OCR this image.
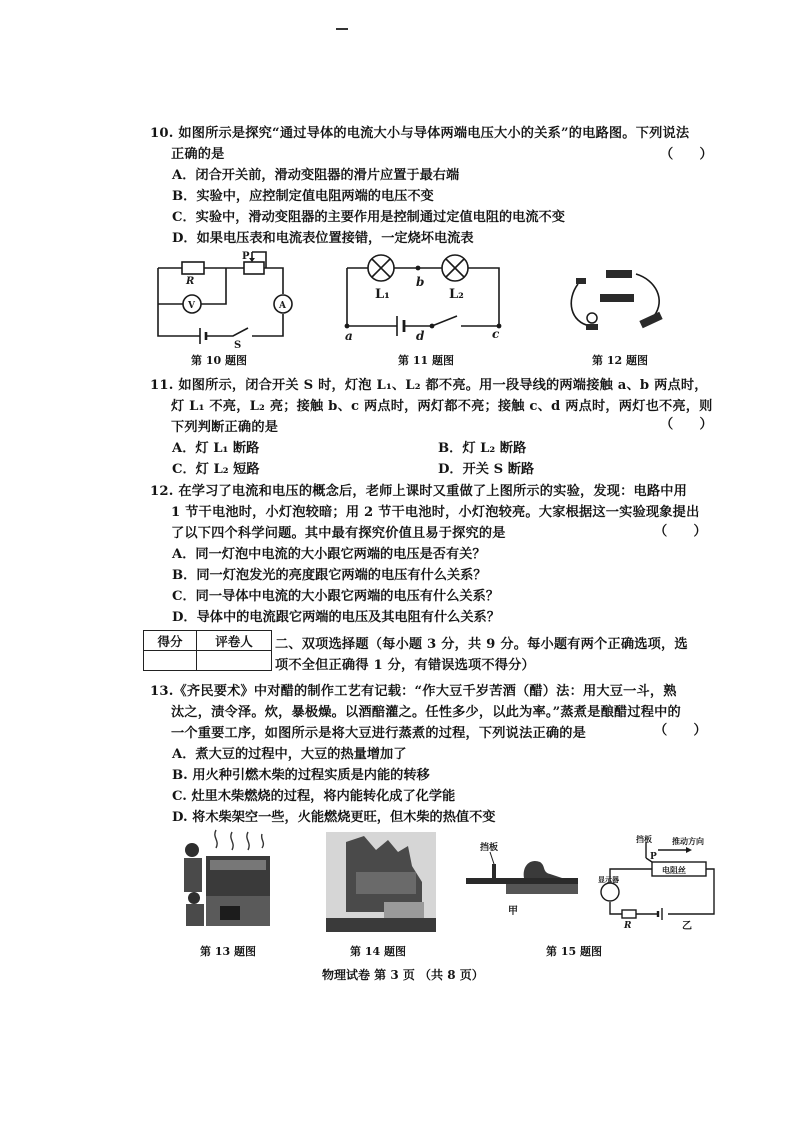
10. 如图所示是探究“通过导体的电流大小与导体两端电压大小的关系”的电路图。下列说法
正确的是	（　　）
A．闭合开关前，滑动变阻器的滑片应置于最右端
B．实验中，应控制定值电阻两端的电压不变
C．实验中，滑动变阻器的主要作用是控制通过定值电阻的电流不变
D．如果电压表和电流表位置接错，一定烧坏电流表
R
P
V	A
S
第 10 题图
L₁	L₂
a
b
c
d
第 11 题图	第 12 题图
11. 如图所示，闭合开关 S 时，灯泡 L₁、L₂ 都不亮。用一段导线的两端接触 a、b 两点时，
灯 L₁ 不亮，L₂ 亮；接触 b、c 两点时，两灯都不亮；接触 c、d 两点时，两灯也不亮，则
下列判断正确的是	（　　）
A．灯 L₁ 断路	B．灯 L₂ 断路
C．灯 L₂ 短路	D．开关 S 断路
12. 在学习了电流和电压的概念后，老师上课时又重做了上图所示的实验，发现：电路中用
1 节干电池时，小灯泡较暗；用 2 节干电池时，小灯泡较亮。大家根据这一实验现象提出
了以下四个科学问题。其中最有探究价值且易于探究的是	（　　）
A．同一灯泡中电流的大小跟它两端的电压是否有关？
B．同一灯泡发光的亮度跟它两端的电压有什么关系？
C．同一导体中电流的大小跟它两端的电压有什么关系？
D．导体中的电流跟它两端的电压及其电阻有什么关系？
得分	评卷人
	二、双项选择题（每小题 3 分，共 9 分。每小题有两个正确选项，选
项不全但正确得 1 分，有错误选项不得分）
13.《齐民要术》中对醋的制作工艺有记载：“作大豆千岁苦酒（醋）法：用大豆一斗，熟
汰之，渍令泽。炊，暴极燥。以酒醅灌之。任性多少，以此为率。”蒸煮是酿醋过程中的
一个重要工序，如图所示是将大豆进行蒸煮的过程，下列说法正确的是	（　　）
A．煮大豆的过程中，大豆的热量增加了
B. 用火种引燃木柴的过程实质是内能的转移
C. 灶里木柴燃烧的过程，将内能转化成了化学能
D. 将木柴架空一些，火能燃烧更旺，但木柴的热值不变
第 13 题图	第 14 题图
挡板
甲
挡板	推动方向
P
电阻丝
显示器
R	乙
第 15 题图
物理试卷 第 3 页 （共 8 页）
